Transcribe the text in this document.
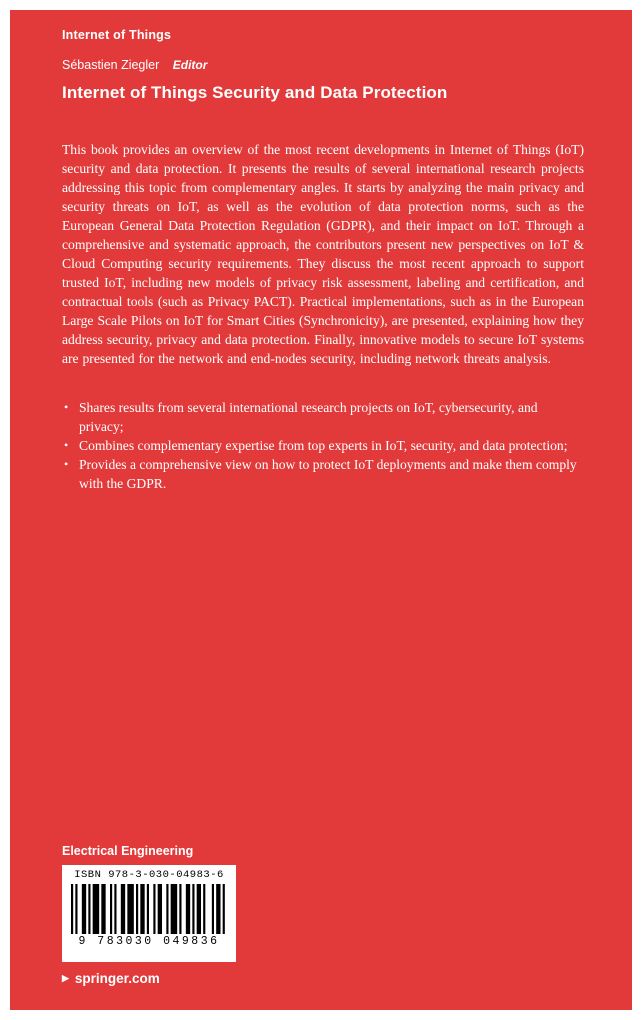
Internet of Things
Sébastien Ziegler Editor
Internet of Things Security and Data Protection

This book provides an overview of the most recent developments in Internet of Things (IoT) security and data protection. It presents the results of several international research projects addressing this topic from complementary angles. It starts by analyzing the main privacy and security threats on IoT, as well as the evolution of data protection norms, such as the European General Data Protection Regulation (GDPR), and their impact on IoT. Through a comprehensive and systematic approach, the contributors present new perspectives on IoT & Cloud Computing security requirements. They discuss the most recent approach to support trusted IoT, including new models of privacy risk assessment, labeling and certification, and contractual tools (such as Privacy PACT). Practical implementations, such as in the European Large Scale Pilots on IoT for Smart Cities (Synchronicity), are presented, explaining how they address security, privacy and data protection. Finally, innovative models to secure IoT systems are presented for the network and end-nodes security, including network threats analysis.

• Shares results from several international research projects on IoT, cybersecurity, and privacy;
• Combines complementary expertise from top experts in IoT, security, and data protection;
• Provides a comprehensive view on how to protect IoT deployments and make them comply with the GDPR.
Electrical Engineering
ISBN 978-3-030-04983-6
9 783030 049836
▶ springer.com
